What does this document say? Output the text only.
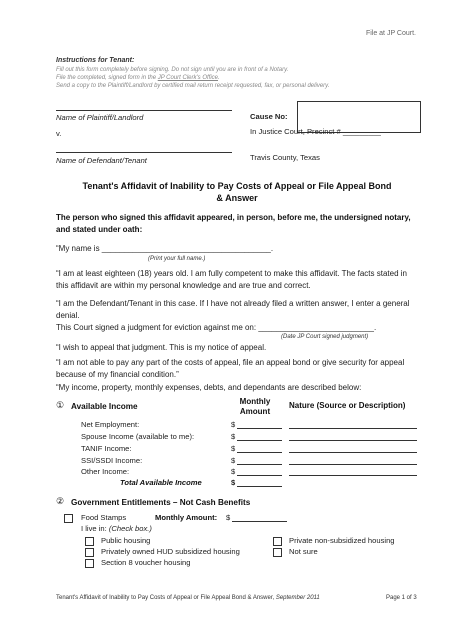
File at JP Court.
Instructions for Tenant:
Fill out this form completely before signing. Do not sign until you are in front of a Notary.
File the completed, signed form in the JP Court Clerk's Office.
Send a copy to the Plaintiff/Landlord by certified mail return receipt requested, fax, or personal delivery.
Name of Plaintiff/Landlord
v.
Name of Defendant/Tenant
Cause No:
In Justice Court, Precinct # _________
Travis County, Texas
Tenant's Affidavit of Inability to Pay Costs of Appeal or File Appeal Bond
& Answer
The person who signed this affidavit appeared, in person, before me, the undersigned notary, and stated under oath:
“My name is ______________________________________.
(Print your full name.)
“I am at least eighteen (18) years old. I am fully competent to make this affidavit. The facts stated in this affidavit are within my personal knowledge and are true and correct.
“I am the Defendant/Tenant in this case. If I have not already filed a written answer, I enter a general denial.
This Court signed a judgment for eviction against me on: __________________________.
(Date JP Court signed judgment)
“I wish to appeal that judgment. This is my notice of appeal.
“I am not able to pay any part of the costs of appeal, file an appeal bond or give security for appeal because of my financial condition.”
“My income, property, monthly expenses, debts, and dependants are described below:
① Available Income
Monthly Amount
Nature (Source or Description)
Net Employment:	$
Spouse Income (available to me):	$
TANIF Income:	$
SSI/SSDI Income:	$
Other Income:	$
Total Available Income	$
② Government Entitlements – Not Cash Benefits
Food Stamps	Monthly Amount: $
I live in: (Check box.)
Public housing
Privately owned HUD subsidized housing
Section 8 voucher housing
Private non-subsidized housing
Not sure
Tenant's Affidavit of Inability to Pay Costs of Appeal or File Appeal Bond & Answer, September 2011	Page 1 of 3
